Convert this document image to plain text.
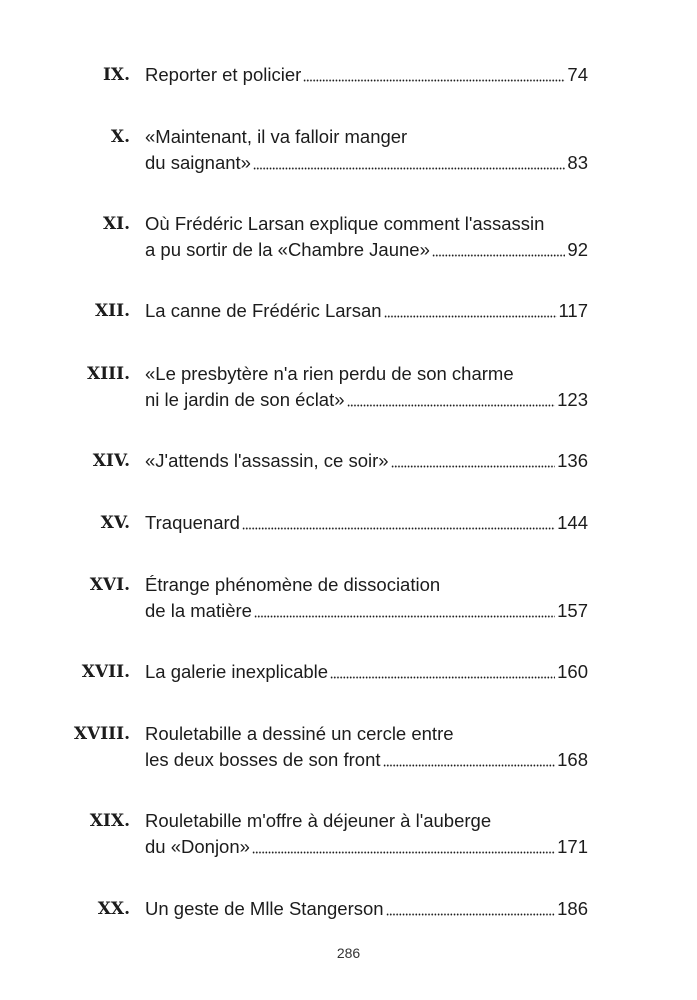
IX. Reporter et policier	74
X. «Maintenant, il va falloir manger
du saignant»	83
XI. Où Frédéric Larsan explique comment l'assassin
a pu sortir de la «Chambre Jaune»	92
XII. La canne de Frédéric Larsan	117
XIII. «Le presbytère n'a rien perdu de son charme
ni le jardin de son éclat»	123
XIV. «J'attends l'assassin, ce soir»	136
XV. Traquenard	144
XVI. Étrange phénomène de dissociation
de la matière	157
XVII. La galerie inexplicable	160
XVIII. Rouletabille a dessiné un cercle entre
les deux bosses de son front	168
XIX. Rouletabille m'offre à déjeuner à l'auberge
du «Donjon»	171
XX. Un geste de Mlle Stangerson	186
286
